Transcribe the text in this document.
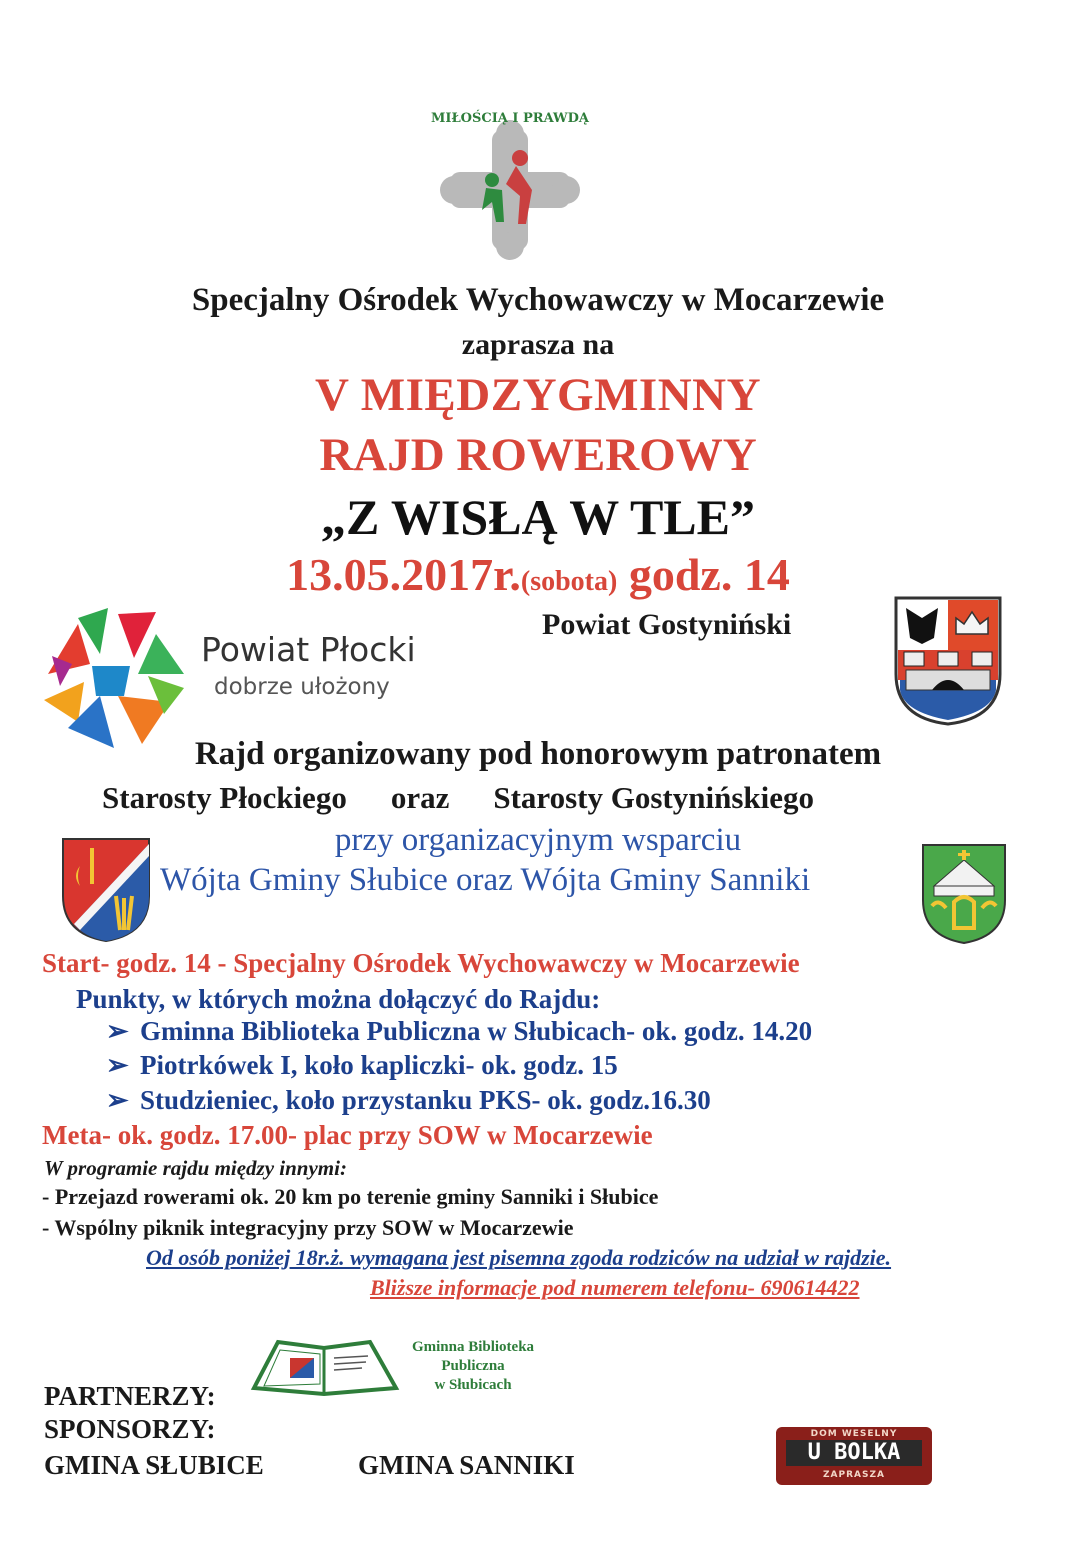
MIŁOŚCIĄ I PRAWDĄ
Specjalny Ośrodek Wychowawczy w Mocarzewie
zaprasza na
V MIĘDZYGMINNY
RAJD ROWEROWY
„Z WISŁĄ W TLE”
13.05.2017r.(sobota) godz. 14
Powiat Płocki
dobrze ułożony
Powiat Gostyniński
Rajd organizowany pod honorowym patronatem
Starosty Płockiego oraz Starosty Gostynińskiego
przy organizacyjnym wsparciu
Wójta Gminy Słubice oraz Wójta Gminy Sanniki
Start- godz. 14 - Specjalny Ośrodek Wychowawczy w Mocarzewie
Punkty, w których można dołączyć do Rajdu:
➢ Gminna Biblioteka Publiczna w Słubicach- ok. godz. 14.20
➢ Piotrkówek I, koło kapliczki- ok. godz. 15
➢ Studzieniec, koło przystanku PKS- ok. godz.16.30
Meta- ok. godz. 17.00- plac przy SOW w Mocarzewie
W programie rajdu między innymi:
- Przejazd rowerami ok. 20 km po terenie gminy Sanniki i Słubice
- Wspólny piknik integracyjny przy SOW w Mocarzewie
Od osób poniżej 18r.ż. wymagana jest pisemna zgoda rodziców na udział w rajdzie.
Bliższe informacje pod numerem telefonu- 690614422
Gminna Biblioteka
Publiczna
w Słubicach
PARTNERZY:
SPONSORZY:
GMINA SŁUBICE	GMINA SANNIKI
DOM WESELNY
U BOLKA
ZAPRASZA
